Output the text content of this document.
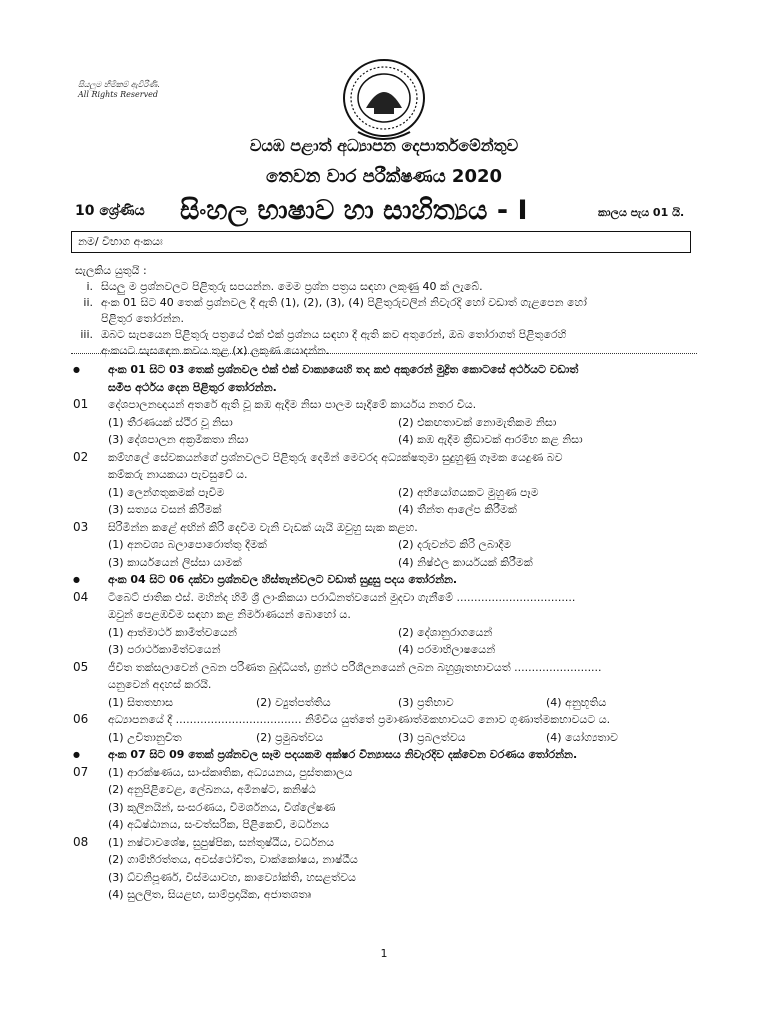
සියලුම හිමිකම් ඇවිරිණි.
All Rights Reserved
වයඹ පළාත් අධ්‍යාපන දෙපාර්තමේන්තුව
තෙවන වාර පරීක්ෂණය 2020
10 ශ්‍රේණිය සිංහල භාෂාව හා සාහිත්‍යය - I	කාලය පැය 01 යි.
නම/ විභාග අංකයඃ
සැලකිය යුතුයි :
i. සියලු ම ප්‍රශ්නවලට පිළිතුරු සපයන්න. මෙම ප්‍රශ්න පත්‍රය සඳහා ලකුණු 40 ක් ලැබේ.
ii. අංක 01 සිට 40 තෙක් ප්‍රශ්නවල දී ඇති (1), (2), (3), (4) පිළිතුරුවලින් නිවැරදි හෝ වඩාත් ගැළපෙන හෝ
පිළිතුර තෝරන්න.
iii. ඔබට සැපයෙන පිළිතුරු පත්‍රයේ එක් එක් ප්‍රශ්නය සඳහා දී ඇති කව අතුරෙන්, ඔබ තෝරාගත් පිළිතුරෙහි
අංකයට සැසඳෙන කවය තුළ (x) ලකුණ යොදන්න.
●	අංක 01 සිට 03 තෙක් ප්‍රශ්නවල එක් එක් වාක්‍යයෙහි තද කළු අකුරෙන් මුද්‍රිත කොටසේ අර්ථයට වඩාත්
සමීප අර්ථය දෙන පිළිතුර තෝරන්න.
01 දේශපාලනඥයන් අතරේ ඇති වූ කඹ ඇදීම නිසා පාලම සෑදීමේ කාර්යය නතර විය.
(1) තීරණයක් ස්ථිර වූ නිසා	(2) එකඟතාවක් නොමැතිකම නිසා
(3) දේශපාලන අක්‍රමිකතා නිසා	(4) කඹ ඇදීම ක්‍රීඩාවක් ආරම්භ කළ නිසා
02 කම්හලේ සේවකයන්ගේ ප්‍රශ්නවලට පිළිතුරු දෙමින් මෙවරද අධ්‍යක්ෂතුමා සුදුහුණු ගෑමක යෙදුණ බව
කම්කරු නායකයා පැවසුවේ ය.
(1) ලෙන්ගතුකමක් පෑවීම	(2) අභියෝගයකට මුහුණ පෑම
(3) සත්‍යය වසන් කිරීමක්	(4) තීන්ත ආලේප කිරීමක්
03 සිරිමින්න කළේ අඟින් කිරි දෙවීම වැනි වැඩක් යැයි ඔවුහු සැක කළහ.
(1) අනවශ්‍ය බලාපොරොත්තු දීමක්	(2) දරුවන්ට කිරි ලබාදීම
(3) කාර්යයෙන් ලිස්සා යාමක්	(4) නිෂ්ඵල කාර්යයක් කිරීමක්
●	අංක 04 සිට 06 දක්වා ප්‍රශ්නවල හිස්තැන්වලට වඩාත් සුදුසු පදය තෝරන්න.
04 ටිබෙට් ජාතික එස්. මහින්ද හිමි ශ්‍රී ලාංකිකයා පරාධීනත්වයෙන් මුදවා ගැනීමේ ..................................
ඔවුන් පෙළඹවීම සඳහා කළ නිර්මාණයන් බොහෝ ය.
(1) ආත්මාර්ථ කාමීත්වයෙන්	(2) දේශානුරාගයෙන්
(3) පරාර්ථකාමීත්වයෙන්	(4) පරමාභිලාෂයෙන්
05 ජීවිත තක්සලාවෙන් ලබන පරිණත බුද්ධියත්, ග්‍රන්ථ පරිශීලනයෙන් ලබන බහුශ්‍රැතභාවයත් .........................
යනුවෙන් අදහස් කරයි.
(1) සිතතභාස	(2) ව්‍යුත්පත්තිය	(3) ප්‍රතිභාව	(4) අනුභූතිය
06 අධ්‍යාපනයේ දී .................................... නිම්විය යුත්තේ ප්‍රමාණාත්මකභාවයට නොව ගුණාත්මකභාවයට ය.
(1) උචිතානුචිත	(2) ප්‍රමුඛත්වය	(3) ප්‍රබලත්වය	(4) යෝග්‍යතාව
●	අංක 07 සිට 09 තෙක් ප්‍රශ්නවල සෑම පදයකම අක්ෂර වින්‍යාසය නිවැරදිව දක්වෙන වරණය තෝරන්න.
07 (1) ආරක්ෂණය, සාංස්කෘතික, අධ්‍යයනය, පුස්තකාලය
(2) අනුපිළිවෙළ, ලේඛනය, අමිනෂ්ට, කනිෂ්ඨ
(3) කුලීනයින්, සංසරණය, විමර්ශනය, විශ්ලේෂණ
(4) අධිෂ්ඨානය, සංවත්සරික, පිළිකෙව්, මර්ධනය
08 (1) නෂ්ටාවශේෂ, සුපුෂ්පික, සන්තුෂ්ඨිය, වර්ධනය
(2) ගාම්භීරත්තය, අවස්ථෝචිත, වාක්කෝෂය, නාෂ්ඨීය
(3) ධ්වනිපූර්ණ, විස්මයාවහ, කාව්‍යෝක්ති, හසළත්වය
(4) සුලලිත, සියළඟ, සාම්ප්‍රදායික, අජාතශත්‍රු
1
